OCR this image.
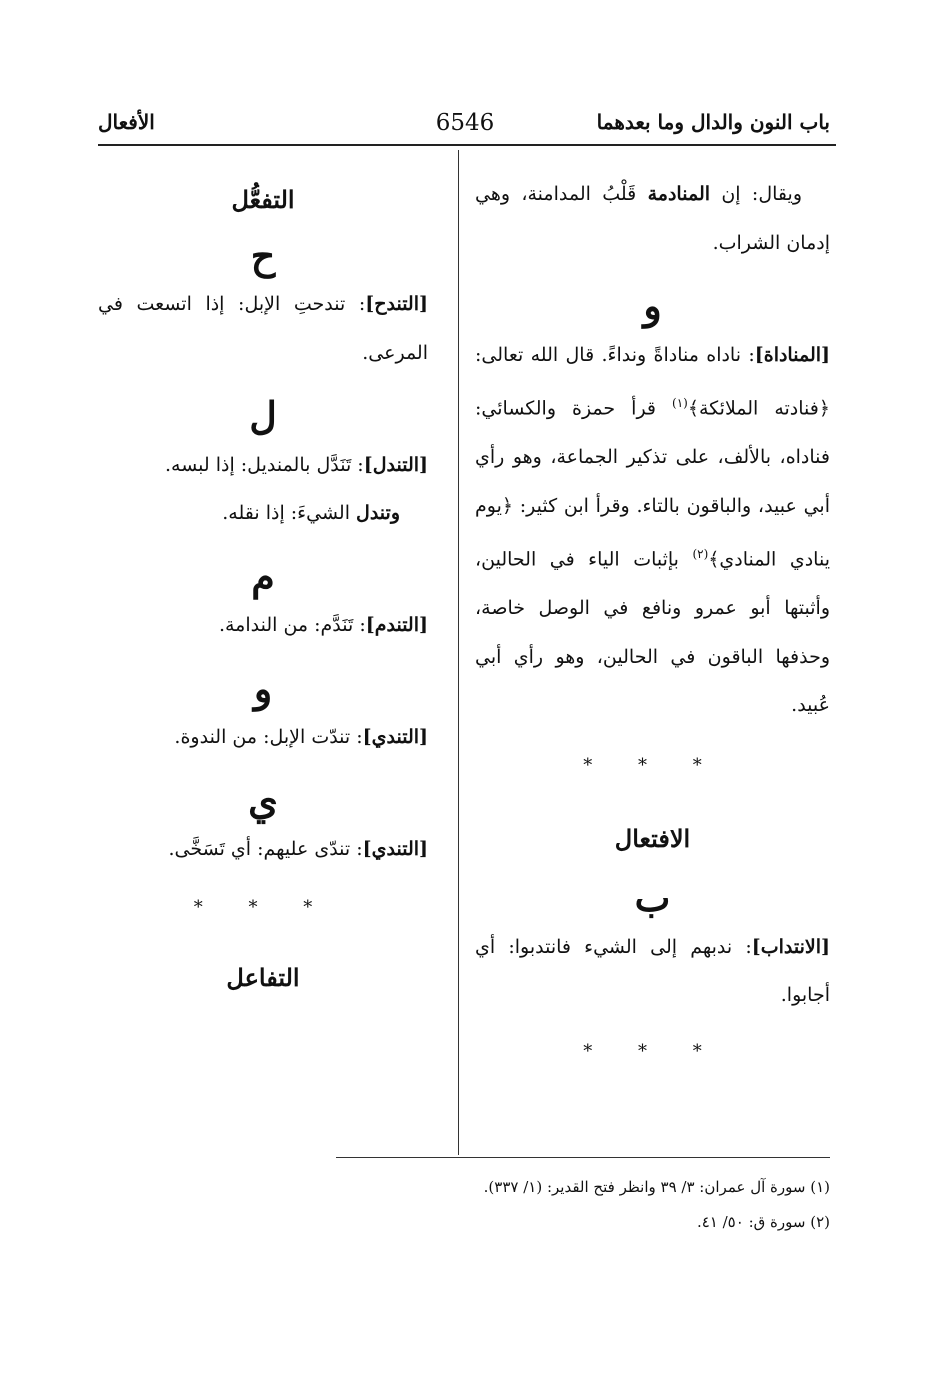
باب النون والدال وما بعدهما
6546
الأفعال

ويقال: إن المنادمة قَلْبُ المدامنة، وهي إدمان الشراب.

و

[المناداة]: ناداه مناداةً ونداءً. قال الله تعالى: ﴿فنادته الملائكة﴾$^{(١)}$ قرأ حمزة والكسائي: فناداه، بالألف، على تذكير الجماعة، وهو رأي أبي عبيد، والباقون بالتاء. وقرأ ابن كثير: ﴿يوم ينادي المنادي﴾$^{(٢)}$ بإثبات الياء في الحالين، وأثبتها أبو عمرو ونافع في الوصل خاصة، وحذفها الباقون في الحالين، وهو رأي أبي عُبيد.

* * *

الافتعال

ب

[الانتداب]: ندبهم إلى الشيء فانتدبوا: أي أجابوا.

* * *

التفعُّل

ح

[التندح]: تندحتِ الإبل: إذا اتسعت في المرعى.

ل

[التندل]: تَنَدَّل بالمنديل: إذا لبسه.

وتندل الشيءَ: إذا نقله.

م

[التندم]: تَنَدَّم: من الندامة.

و

[التندي]: تندّت الإبل: من الندوة.

ي

[التندي]: تندّى عليهم: أي تَسَخَّى.

* * *

التفاعل

(١) سورة آل عمران: ٣/ ٣٩ وانظر فتح القدير: (١/ ٣٣٧).

(٢) سورة ق: ٥٠/ ٤١.
